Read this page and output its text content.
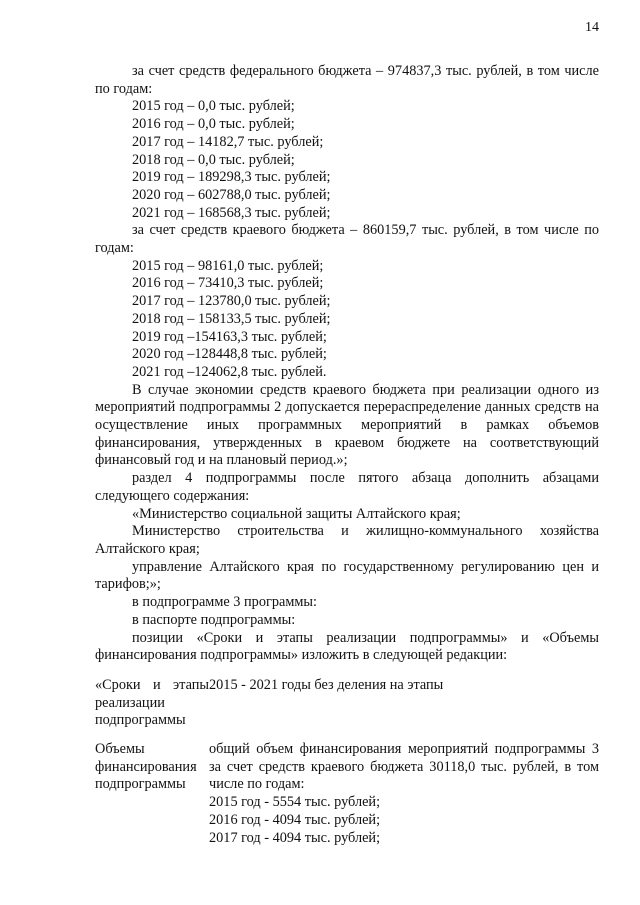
14

за счет средств федерального бюджета – 974837,3 тыс. рублей, в том числе по годам:

2015 год – 0,0 тыс. рублей;

2016 год – 0,0 тыс. рублей;

2017 год – 14182,7 тыс. рублей;

2018 год – 0,0 тыс. рублей;

2019 год – 189298,3 тыс. рублей;

2020 год – 602788,0 тыс. рублей;

2021 год – 168568,3 тыс. рублей;

за счет средств краевого бюджета – 860159,7 тыс. рублей, в том числе по годам:

2015 год – 98161,0 тыс. рублей;

2016 год – 73410,3 тыс. рублей;

2017 год – 123780,0 тыс. рублей;

2018 год – 158133,5 тыс. рублей;

2019 год –154163,3 тыс. рублей;

2020 год –128448,8 тыс. рублей;

2021 год –124062,8 тыс. рублей.

В случае экономии средств краевого бюджета при реализации одного из мероприятий подпрограммы 2 допускается перераспределение данных средств на осуществление иных программных мероприятий в рамках объемов финансирования, утвержденных в краевом бюджете на соответствующий финансовый год и на плановый период.»;

раздел 4 подпрограммы после пятого абзаца дополнить абзацами следующего содержания:

«Министерство социальной защиты Алтайского края;

Министерство строительства и жилищно-коммунального хозяйства Алтайского края;

управление Алтайского края по государственному регулированию цен и тарифов;»;

в подпрограмме 3 программы:

в паспорте подпрограммы:

позиции «Сроки и этапы реализации подпрограммы» и «Объемы финансирования подпрограммы» изложить в следующей редакции:

«Сроки и этапы реализации подпрограммы
2015 - 2021 годы без деления на этапы
Объемы финансирования подпрограммы
общий объем финансирования мероприятий подпрограммы 3 за счет средств краевого бюджета 30118,0 тыс. рублей, в том числе по годам:
2015 год - 5554 тыс. рублей;
2016 год - 4094 тыс. рублей;
2017 год - 4094 тыс. рублей;
